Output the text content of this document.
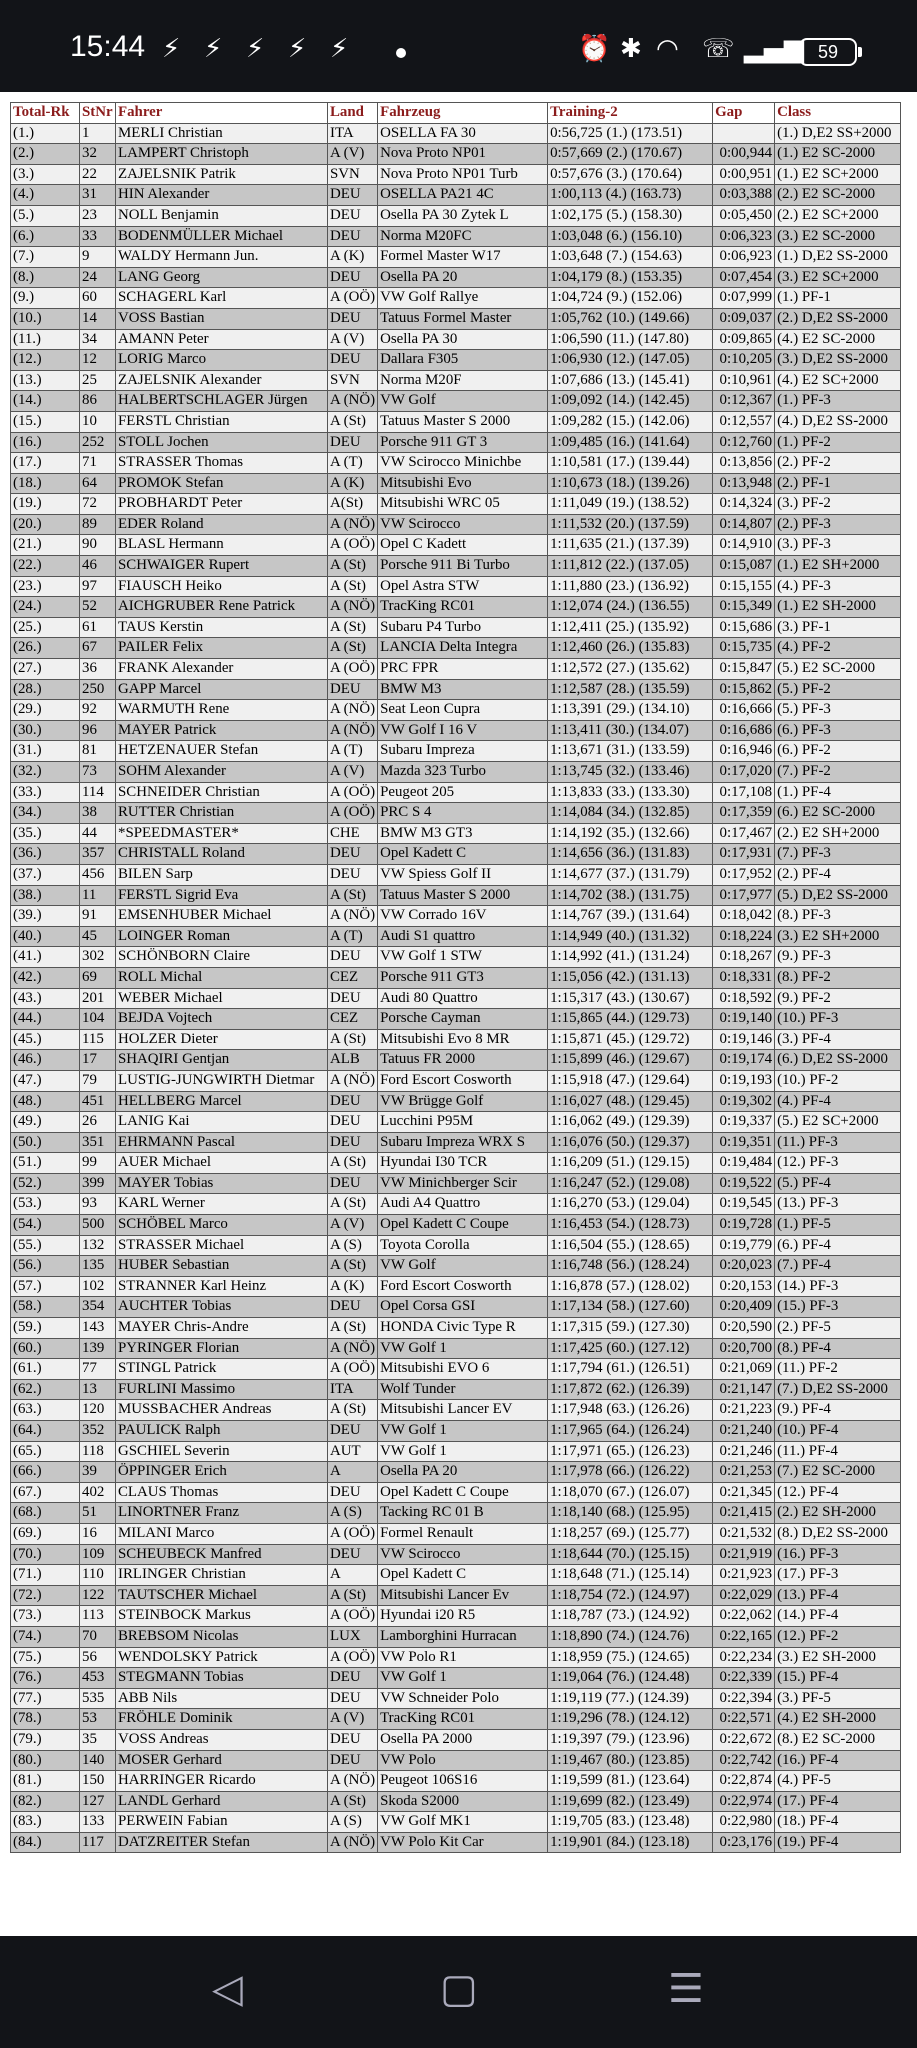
15:44 ⚡ ⚡ ⚡ ⚡ ⚡	⏰ ✱ ◠ ☏ ▂▄▆ 59
Total-Rk	StNr	Fahrer	Land	Fahrzeug	Training-2	Gap	Class
(1.)	1	MERLI Christian	ITA	OSELLA FA 30	0:56,725 (1.) (173.51)		(1.) D,E2 SS+2000
(2.)	32	LAMPERT Christoph	A (V)	Nova Proto NP01	0:57,669 (2.) (170.67)	0:00,944	(1.) E2 SC-2000
(3.)	22	ZAJELSNIK Patrik	SVN	Nova Proto NP01 Turb	0:57,676 (3.) (170.64)	0:00,951	(1.) E2 SC+2000
(4.)	31	HIN Alexander	DEU	OSELLA PA21 4C	1:00,113 (4.) (163.73)	0:03,388	(2.) E2 SC-2000
(5.)	23	NOLL Benjamin	DEU	Osella PA 30 Zytek L	1:02,175 (5.) (158.30)	0:05,450	(2.) E2 SC+2000
(6.)	33	BODENMÜLLER Michael	DEU	Norma M20FC	1:03,048 (6.) (156.10)	0:06,323	(3.) E2 SC-2000
(7.)	9	WALDY Hermann Jun.	A (K)	Formel Master W17	1:03,648 (7.) (154.63)	0:06,923	(1.) D,E2 SS-2000
(8.)	24	LANG Georg	DEU	Osella PA 20	1:04,179 (8.) (153.35)	0:07,454	(3.) E2 SC+2000
(9.)	60	SCHAGERL Karl	A (OÖ)	VW Golf Rallye	1:04,724 (9.) (152.06)	0:07,999	(1.) PF-1
(10.)	14	VOSS Bastian	DEU	Tatuus Formel Master	1:05,762 (10.) (149.66)	0:09,037	(2.) D,E2 SS-2000
(11.)	34	AMANN Peter	A (V)	Osella PA 30	1:06,590 (11.) (147.80)	0:09,865	(4.) E2 SC-2000
(12.)	12	LORIG Marco	DEU	Dallara F305	1:06,930 (12.) (147.05)	0:10,205	(3.) D,E2 SS-2000
(13.)	25	ZAJELSNIK Alexander	SVN	Norma M20F	1:07,686 (13.) (145.41)	0:10,961	(4.) E2 SC+2000
(14.)	86	HALBERTSCHLAGER Jürgen	A (NÖ)	VW Golf	1:09,092 (14.) (142.45)	0:12,367	(1.) PF-3
(15.)	10	FERSTL Christian	A (St)	Tatuus Master S 2000	1:09,282 (15.) (142.06)	0:12,557	(4.) D,E2 SS-2000
(16.)	252	STOLL Jochen	DEU	Porsche 911 GT 3	1:09,485 (16.) (141.64)	0:12,760	(1.) PF-2
(17.)	71	STRASSER Thomas	A (T)	VW Scirocco Minichbe	1:10,581 (17.) (139.44)	0:13,856	(2.) PF-2
(18.)	64	PROMOK Stefan	A (K)	Mitsubishi Evo	1:10,673 (18.) (139.26)	0:13,948	(2.) PF-1
(19.)	72	PROBHARDT Peter	A(St)	Mitsubishi WRC 05	1:11,049 (19.) (138.52)	0:14,324	(3.) PF-2
(20.)	89	EDER Roland	A (NÖ)	VW Scirocco	1:11,532 (20.) (137.59)	0:14,807	(2.) PF-3
(21.)	90	BLASL Hermann	A (OÖ)	Opel C Kadett	1:11,635 (21.) (137.39)	0:14,910	(3.) PF-3
(22.)	46	SCHWAIGER Rupert	A (St)	Porsche 911 Bi Turbo	1:11,812 (22.) (137.05)	0:15,087	(1.) E2 SH+2000
(23.)	97	FIAUSCH Heiko	A (St)	Opel Astra STW	1:11,880 (23.) (136.92)	0:15,155	(4.) PF-3
(24.)	52	AICHGRUBER Rene Patrick	A (NÖ)	TracKing RC01	1:12,074 (24.) (136.55)	0:15,349	(1.) E2 SH-2000
(25.)	61	TAUS Kerstin	A (St)	Subaru P4 Turbo	1:12,411 (25.) (135.92)	0:15,686	(3.) PF-1
(26.)	67	PAILER Felix	A (St)	LANCIA Delta Integra	1:12,460 (26.) (135.83)	0:15,735	(4.) PF-2
(27.)	36	FRANK Alexander	A (OÖ)	PRC FPR	1:12,572 (27.) (135.62)	0:15,847	(5.) E2 SC-2000
(28.)	250	GAPP Marcel	DEU	BMW M3	1:12,587 (28.) (135.59)	0:15,862	(5.) PF-2
(29.)	92	WARMUTH Rene	A (NÖ)	Seat Leon Cupra	1:13,391 (29.) (134.10)	0:16,666	(5.) PF-3
(30.)	96	MAYER Patrick	A (NÖ)	VW Golf I 16 V	1:13,411 (30.) (134.07)	0:16,686	(6.) PF-3
(31.)	81	HETZENAUER Stefan	A (T)	Subaru Impreza	1:13,671 (31.) (133.59)	0:16,946	(6.) PF-2
(32.)	73	SOHM Alexander	A (V)	Mazda 323 Turbo	1:13,745 (32.) (133.46)	0:17,020	(7.) PF-2
(33.)	114	SCHNEIDER Christian	A (OÖ)	Peugeot 205	1:13,833 (33.) (133.30)	0:17,108	(1.) PF-4
(34.)	38	RUTTER Christian	A (OÖ)	PRC S 4	1:14,084 (34.) (132.85)	0:17,359	(6.) E2 SC-2000
(35.)	44	*SPEEDMASTER*	CHE	BMW M3 GT3	1:14,192 (35.) (132.66)	0:17,467	(2.) E2 SH+2000
(36.)	357	CHRISTALL Roland	DEU	Opel Kadett C	1:14,656 (36.) (131.83)	0:17,931	(7.) PF-3
(37.)	456	BILEN Sarp	DEU	VW Spiess Golf II	1:14,677 (37.) (131.79)	0:17,952	(2.) PF-4
(38.)	11	FERSTL Sigrid Eva	A (St)	Tatuus Master S 2000	1:14,702 (38.) (131.75)	0:17,977	(5.) D,E2 SS-2000
(39.)	91	EMSENHUBER Michael	A (NÖ)	VW Corrado 16V	1:14,767 (39.) (131.64)	0:18,042	(8.) PF-3
(40.)	45	LOINGER Roman	A (T)	Audi S1 quattro	1:14,949 (40.) (131.32)	0:18,224	(3.) E2 SH+2000
(41.)	302	SCHÖNBORN Claire	DEU	VW Golf 1 STW	1:14,992 (41.) (131.24)	0:18,267	(9.) PF-3
(42.)	69	ROLL Michal	CEZ	Porsche 911 GT3	1:15,056 (42.) (131.13)	0:18,331	(8.) PF-2
(43.)	201	WEBER Michael	DEU	Audi 80 Quattro	1:15,317 (43.) (130.67)	0:18,592	(9.) PF-2
(44.)	104	BEJDA Vojtech	CEZ	Porsche Cayman	1:15,865 (44.) (129.73)	0:19,140	(10.) PF-3
(45.)	115	HOLZER Dieter	A (St)	Mitsubishi Evo 8 MR	1:15,871 (45.) (129.72)	0:19,146	(3.) PF-4
(46.)	17	SHAQIRI Gentjan	ALB	Tatuus FR 2000	1:15,899 (46.) (129.67)	0:19,174	(6.) D,E2 SS-2000
(47.)	79	LUSTIG-JUNGWIRTH Dietmar	A (NÖ)	Ford Escort Cosworth	1:15,918 (47.) (129.64)	0:19,193	(10.) PF-2
(48.)	451	HELLBERG Marcel	DEU	VW Brügge Golf	1:16,027 (48.) (129.45)	0:19,302	(4.) PF-4
(49.)	26	LANIG Kai	DEU	Lucchini P95M	1:16,062 (49.) (129.39)	0:19,337	(5.) E2 SC+2000
(50.)	351	EHRMANN Pascal	DEU	Subaru Impreza WRX S	1:16,076 (50.) (129.37)	0:19,351	(11.) PF-3
(51.)	99	AUER Michael	A (St)	Hyundai I30 TCR	1:16,209 (51.) (129.15)	0:19,484	(12.) PF-3
(52.)	399	MAYER Tobias	DEU	VW Minichberger Scir	1:16,247 (52.) (129.08)	0:19,522	(5.) PF-4
(53.)	93	KARL Werner	A (St)	Audi A4 Quattro	1:16,270 (53.) (129.04)	0:19,545	(13.) PF-3
(54.)	500	SCHÖBEL Marco	A (V)	Opel Kadett C Coupe	1:16,453 (54.) (128.73)	0:19,728	(1.) PF-5
(55.)	132	STRASSER Michael	A (S)	Toyota Corolla	1:16,504 (55.) (128.65)	0:19,779	(6.) PF-4
(56.)	135	HUBER Sebastian	A (St)	VW Golf	1:16,748 (56.) (128.24)	0:20,023	(7.) PF-4
(57.)	102	STRANNER Karl Heinz	A (K)	Ford Escort Cosworth	1:16,878 (57.) (128.02)	0:20,153	(14.) PF-3
(58.)	354	AUCHTER Tobias	DEU	Opel Corsa GSI	1:17,134 (58.) (127.60)	0:20,409	(15.) PF-3
(59.)	143	MAYER Chris-Andre	A (St)	HONDA Civic Type R	1:17,315 (59.) (127.30)	0:20,590	(2.) PF-5
(60.)	139	PYRINGER Florian	A (NÖ)	VW Golf 1	1:17,425 (60.) (127.12)	0:20,700	(8.) PF-4
(61.)	77	STINGL Patrick	A (OÖ)	Mitsubishi EVO 6	1:17,794 (61.) (126.51)	0:21,069	(11.) PF-2
(62.)	13	FURLINI Massimo	ITA	Wolf Tunder	1:17,872 (62.) (126.39)	0:21,147	(7.) D,E2 SS-2000
(63.)	120	MUSSBACHER Andreas	A (St)	Mitsubishi Lancer EV	1:17,948 (63.) (126.26)	0:21,223	(9.) PF-4
(64.)	352	PAULICK Ralph	DEU	VW Golf 1	1:17,965 (64.) (126.24)	0:21,240	(10.) PF-4
(65.)	118	GSCHIEL Severin	AUT	VW Golf 1	1:17,971 (65.) (126.23)	0:21,246	(11.) PF-4
(66.)	39	ÖPPINGER Erich	A	Osella PA 20	1:17,978 (66.) (126.22)	0:21,253	(7.) E2 SC-2000
(67.)	402	CLAUS Thomas	DEU	Opel Kadett C Coupe	1:18,070 (67.) (126.07)	0:21,345	(12.) PF-4
(68.)	51	LINORTNER Franz	A (S)	Tacking RC 01 B	1:18,140 (68.) (125.95)	0:21,415	(2.) E2 SH-2000
(69.)	16	MILANI Marco	A (OÖ)	Formel Renault	1:18,257 (69.) (125.77)	0:21,532	(8.) D,E2 SS-2000
(70.)	109	SCHEUBECK Manfred	DEU	VW Scirocco	1:18,644 (70.) (125.15)	0:21,919	(16.) PF-3
(71.)	110	IRLINGER Christian	A	Opel Kadett C	1:18,648 (71.) (125.14)	0:21,923	(17.) PF-3
(72.)	122	TAUTSCHER Michael	A (St)	Mitsubishi Lancer Ev	1:18,754 (72.) (124.97)	0:22,029	(13.) PF-4
(73.)	113	STEINBOCK Markus	A (OÖ)	Hyundai i20 R5	1:18,787 (73.) (124.92)	0:22,062	(14.) PF-4
(74.)	70	BREBSOM Nicolas	LUX	Lamborghini Hurracan	1:18,890 (74.) (124.76)	0:22,165	(12.) PF-2
(75.)	56	WENDOLSKY Patrick	A (OÖ)	VW Polo R1	1:18,959 (75.) (124.65)	0:22,234	(3.) E2 SH-2000
(76.)	453	STEGMANN Tobias	DEU	VW Golf 1	1:19,064 (76.) (124.48)	0:22,339	(15.) PF-4
(77.)	535	ABB Nils	DEU	VW Schneider Polo	1:19,119 (77.) (124.39)	0:22,394	(3.) PF-5
(78.)	53	FRÖHLE Dominik	A (V)	TracKing RC01	1:19,296 (78.) (124.12)	0:22,571	(4.) E2 SH-2000
(79.)	35	VOSS Andreas	DEU	Osella PA 2000	1:19,397 (79.) (123.96)	0:22,672	(8.) E2 SC-2000
(80.)	140	MOSER Gerhard	DEU	VW Polo	1:19,467 (80.) (123.85)	0:22,742	(16.) PF-4
(81.)	150	HARRINGER Ricardo	A (NÖ)	Peugeot 106S16	1:19,599 (81.) (123.64)	0:22,874	(4.) PF-5
(82.)	127	LANDL Gerhard	A (St)	Skoda S2000	1:19,699 (82.) (123.49)	0:22,974	(17.) PF-4
(83.)	133	PERWEIN Fabian	A (S)	VW Golf MK1	1:19,705 (83.) (123.48)	0:22,980	(18.) PF-4
(84.)	117	DATZREITER Stefan	A (NÖ)	VW Polo Kit Car	1:19,901 (84.) (123.18)	0:23,176	(19.) PF-4
◁	▢	☰
